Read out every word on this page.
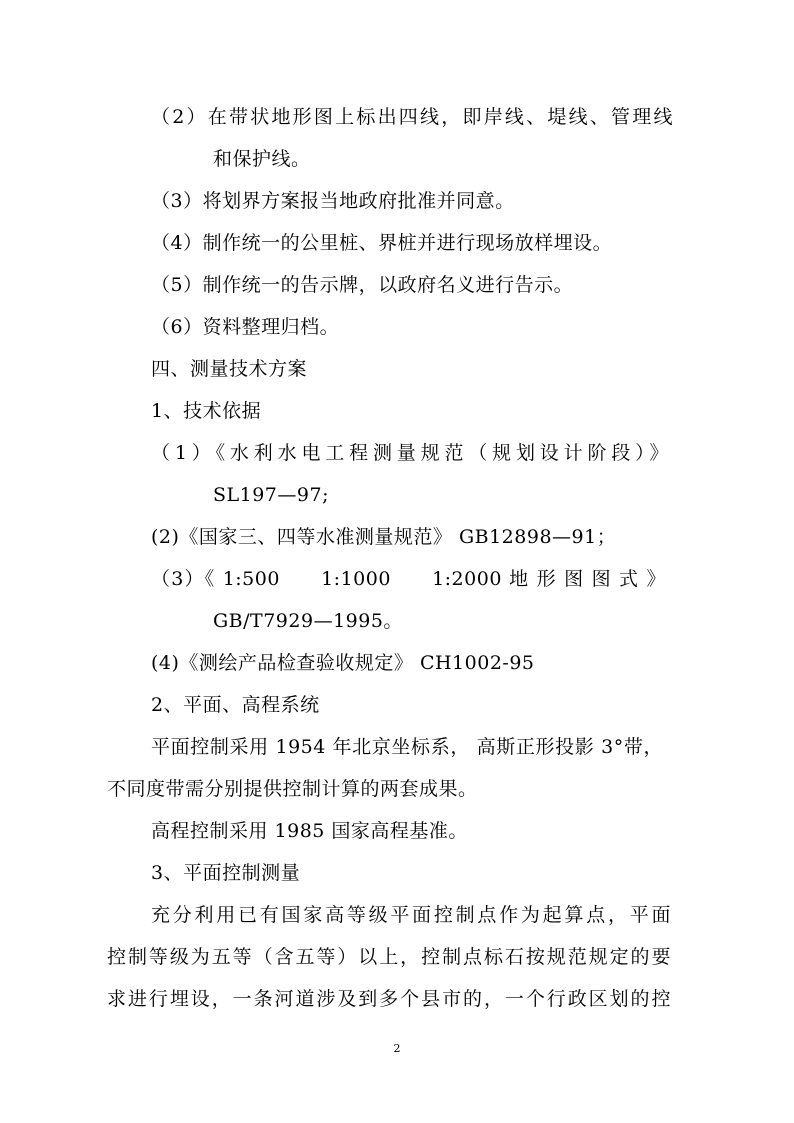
（2）在带状地形图上标出四线，即岸线、堤线、管理线
和保护线。
（3）将划界方案报当地政府批准并同意。
（4）制作统一的公里桩、界桩并进行现场放样埋设。
（5）制作统一的告示牌，以政府名义进行告示。
（6）资料整理归档。
四、测量技术方案
1、技术依据
（1）《水利水电工程测量规范（规划设计阶段）》
SL197—97;
(2)《国家三、四等水准测量规范》 GB12898—91；
（3）《 1:500　　1:1000　　1:2000 地 形 图 图 式 》
GB/T7929—1995。
(4)《测绘产品检查验收规定》 CH1002-95
2、平面、高程系统
平面控制采用 1954 年北京坐标系， 高斯正形投影 3°带，
不同度带需分别提供控制计算的两套成果。
高程控制采用 1985 国家高程基准。
3、平面控制测量
充分利用已有国家高等级平面控制点作为起算点，平面
控制等级为五等（含五等）以上，控制点标石按规范规定的要
求进行埋设，一条河道涉及到多个县市的，一个行政区划的控
2
